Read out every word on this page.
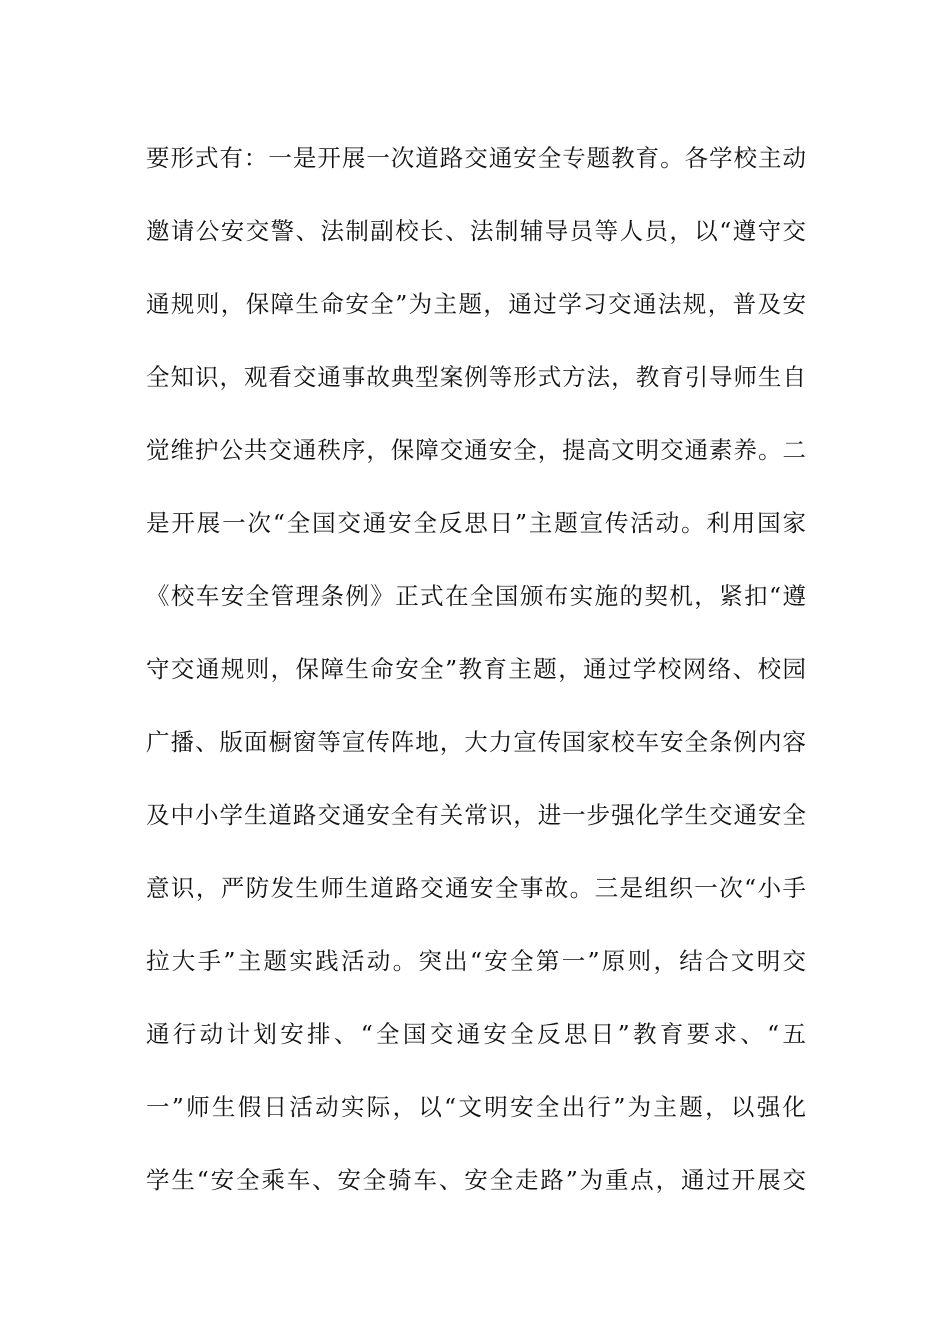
要形式有：一是开展一次道路交通安全专题教育。各学校主动
邀请公安交警、法制副校长、法制辅导员等人员，以“遵守交
通规则，保障生命安全”为主题，通过学习交通法规，普及安
全知识，观看交通事故典型案例等形式方法，教育引导师生自
觉维护公共交通秩序，保障交通安全，提高文明交通素养。二
是开展一次“全国交通安全反思日”主题宣传活动。利用国家
《校车安全管理条例》正式在全国颁布实施的契机，紧扣“遵
守交通规则，保障生命安全”教育主题，通过学校网络、校园
广播、版面橱窗等宣传阵地，大力宣传国家校车安全条例内容
及中小学生道路交通安全有关常识，进一步强化学生交通安全
意识，严防发生师生道路交通安全事故。三是组织一次“小手
拉大手”主题实践活动。突出“安全第一”原则，结合文明交
通行动计划安排、“全国交通安全反思日”教育要求、“五
一”师生假日活动实际，以“文明安全出行”为主题，以强化
学生“安全乘车、安全骑车、安全走路”为重点，通过开展交
